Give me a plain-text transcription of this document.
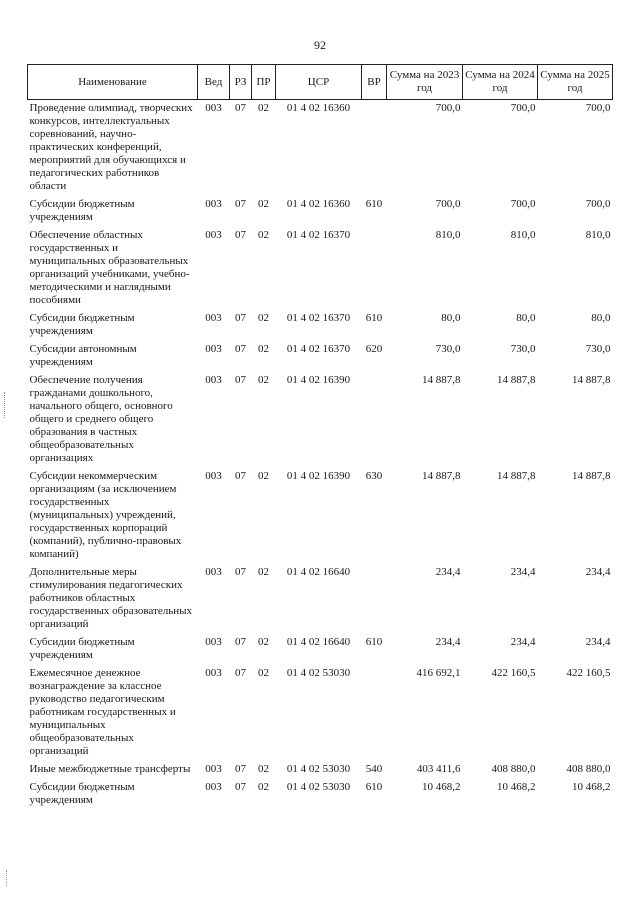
92
Наименование	Вед	РЗ	ПР	ЦСР	ВР	Сумма на 2023 год	Сумма на 2024 год	Сумма на 2025 год
Проведение олимпиад, творческих конкурсов, интеллектуальных соревнований, научно-практических конференций, мероприятий для обучающихся и педагогических работников области	003	07	02	01 4 02 16360		700,0	700,0	700,0
Субсидии бюджетным учреждениям	003	07	02	01 4 02 16360	610	700,0	700,0	700,0
Обеспечение областных государственных и муниципальных образовательных организаций учебниками, учебно-методическими и наглядными пособиями	003	07	02	01 4 02 16370		810,0	810,0	810,0
Субсидии бюджетным учреждениям	003	07	02	01 4 02 16370	610	80,0	80,0	80,0
Субсидии автономным учреждениям	003	07	02	01 4 02 16370	620	730,0	730,0	730,0
Обеспечение получения гражданами дошкольного, начального общего, основного общего и среднего общего образования в частных общеобразовательных организациях	003	07	02	01 4 02 16390		14 887,8	14 887,8	14 887,8
Субсидии некоммерческим организациям (за исключением государственных (муниципальных) учреждений, государственных корпораций (компаний), публично-правовых компаний)	003	07	02	01 4 02 16390	630	14 887,8	14 887,8	14 887,8
Дополнительные меры стимулирования педагогических работников областных государственных образовательных организаций	003	07	02	01 4 02 16640		234,4	234,4	234,4
Субсидии бюджетным учреждениям	003	07	02	01 4 02 16640	610	234,4	234,4	234,4
Ежемесячное денежное вознаграждение за классное руководство педагогическим работникам государственных и муниципальных общеобразовательных организаций	003	07	02	01 4 02 53030		416 692,1	422 160,5	422 160,5
Иные межбюджетные трансферты	003	07	02	01 4 02 53030	540	403 411,6	408 880,0	408 880,0
Субсидии бюджетным учреждениям	003	07	02	01 4 02 53030	610	10 468,2	10 468,2	10 468,2
